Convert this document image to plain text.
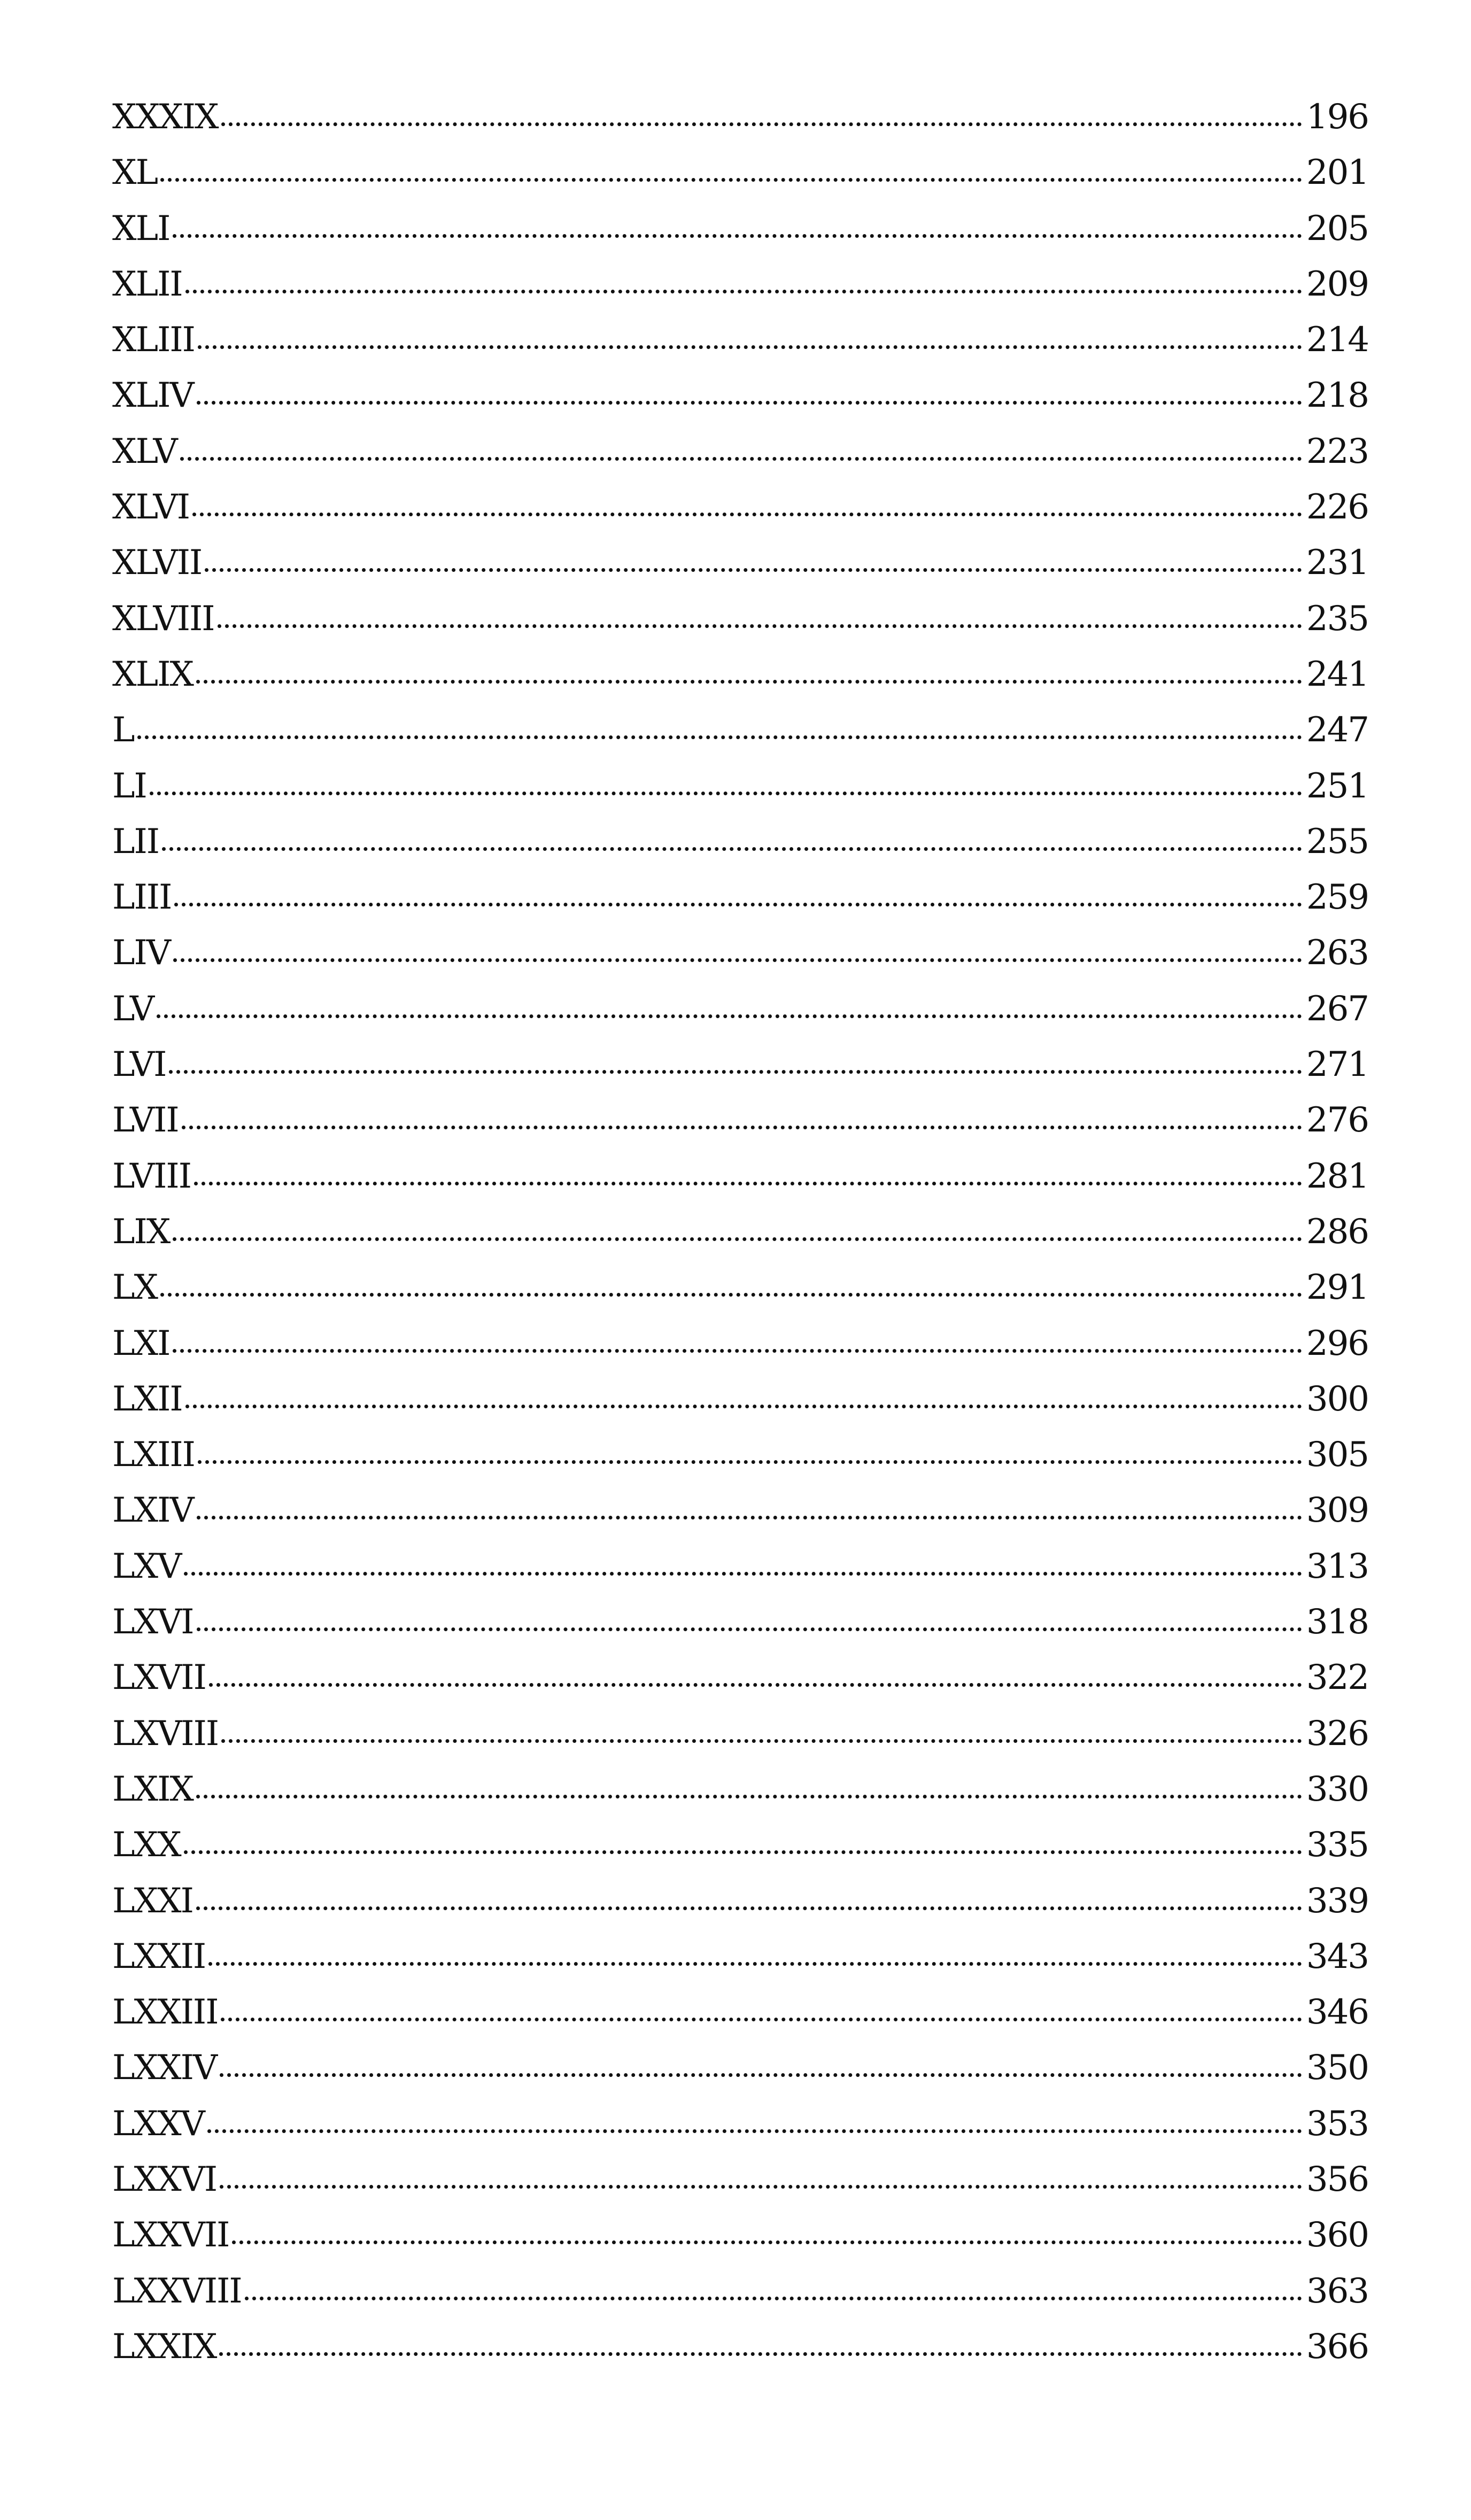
XXXIX	196
XL	201
XLI	205
XLII	209
XLIII	214
XLIV	218
XLV	223
XLVI	226
XLVII	231
XLVIII	235
XLIX	241
L	247
LI	251
LII	255
LIII	259
LIV	263
LV	267
LVI	271
LVII	276
LVIII	281
LIX	286
LX	291
LXI	296
LXII	300
LXIII	305
LXIV	309
LXV	313
LXVI	318
LXVII	322
LXVIII	326
LXIX	330
LXX	335
LXXI	339
LXXII	343
LXXIII	346
LXXIV	350
LXXV	353
LXXVI	356
LXXVII	360
LXXVIII	363
LXXIX	366
